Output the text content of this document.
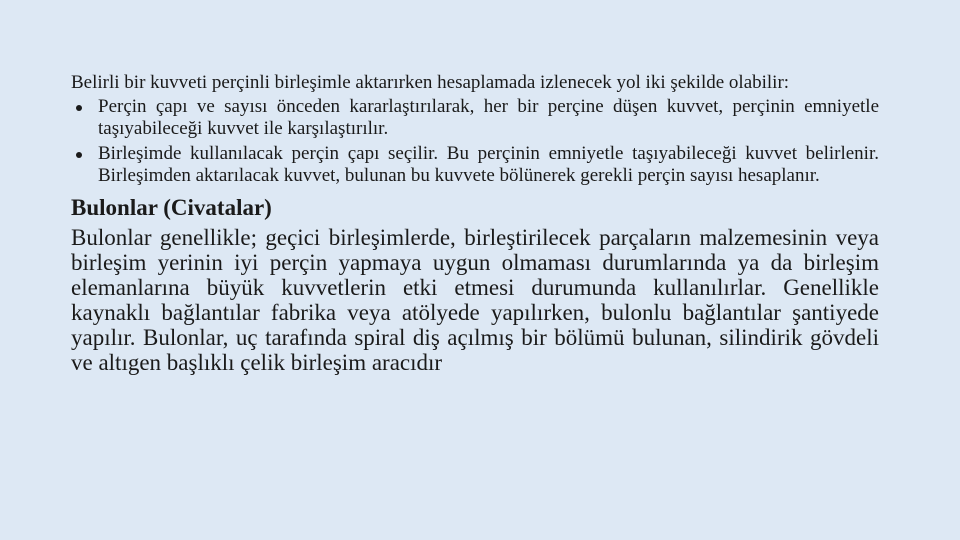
Belirli bir kuvveti perçinli birleşimle aktarırken hesaplamada izlenecek yol iki şekilde olabilir:

Perçin çapı ve sayısı önceden kararlaştırılarak, her bir perçine düşen kuvvet, perçinin emniyetle taşıyabileceği kuvvet ile karşılaştırılır.
Birleşimde kullanılacak perçin çapı seçilir. Bu perçinin emniyetle taşıyabileceği kuvvet belirlenir. Birleşimden aktarılacak kuvvet, bulunan bu kuvvete bölünerek gerekli perçin sayısı hesaplanır.
Bulonlar (Civatalar)

Bulonlar genellikle; geçici birleşimlerde, birleştirilecek parçaların malzemesinin veya birleşim yerinin iyi perçin yapmaya uygun olmaması durumlarında ya da birleşim elemanlarına büyük kuvvetlerin etki etmesi durumunda kullanılırlar. Genellikle kaynaklı bağlantılar fabrika veya atölyede yapılırken, bulonlu bağlantılar şantiyede yapılır. Bulonlar, uç tarafında spiral diş açılmış bir bölümü bulunan, silindirik gövdeli ve altıgen başlıklı çelik birleşim aracıdır
